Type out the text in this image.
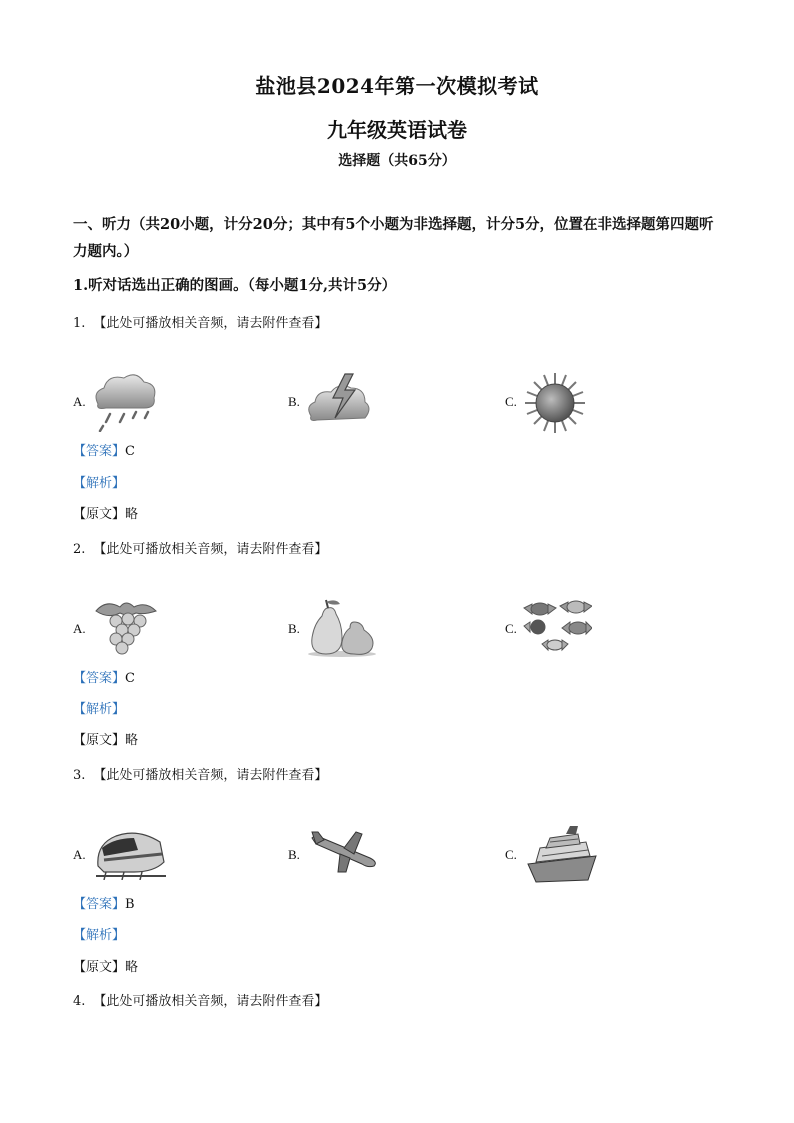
盐池县2024年第一次模拟考试
九年级英语试卷
选择题（共65分）
一、听力（共20小题，计分20分；其中有5个小题为非选择题，计分5分，位置在非选择题第四题听力题内。）
1.听对话选出正确的图画。（每小题1分,共计5分）
1. 【此处可播放相关音频，请去附件查看】
A.	B.	C.
【答案】C
【解析】
【原文】略
2. 【此处可播放相关音频，请去附件查看】
A.	B.	C.
【答案】C
【解析】
【原文】略
3. 【此处可播放相关音频，请去附件查看】
A.	B.	C.
【答案】B
【解析】
【原文】略
4. 【此处可播放相关音频，请去附件查看】
